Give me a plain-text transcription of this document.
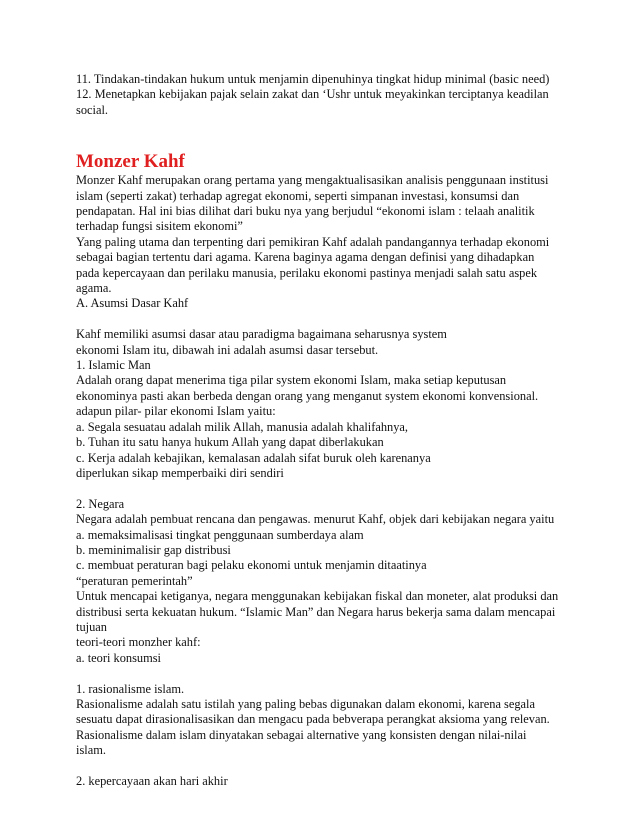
11. Tindakan-tindakan hukum untuk menjamin dipenuhinya tingkat hidup minimal (basic need)
12. Menetapkan kebijakan pajak selain zakat dan ‘Ushr untuk meyakinkan terciptanya keadilan
social.
Monzer Kahf
Monzer Kahf merupakan orang pertama yang mengaktualisasikan analisis penggunaan institusi
islam (seperti zakat) terhadap agregat ekonomi, seperti simpanan investasi, konsumsi dan
pendapatan. Hal ini bias dilihat dari buku nya yang berjudul “ekonomi islam : telaah analitik
terhadap fungsi sisitem ekonomi”
Yang paling utama dan terpenting dari pemikiran Kahf adalah pandangannya terhadap ekonomi
sebagai bagian tertentu dari agama. Karena baginya agama dengan definisi yang dihadapkan
pada kepercayaan dan perilaku manusia, perilaku ekonomi pastinya menjadi salah satu aspek
agama.
A. Asumsi Dasar Kahf
Kahf memiliki asumsi dasar atau paradigma bagaimana seharusnya system
ekonomi Islam itu, dibawah ini adalah asumsi dasar tersebut.
1. Islamic Man
Adalah orang dapat menerima tiga pilar system ekonomi Islam, maka setiap keputusan
ekonominya pasti akan berbeda dengan orang yang menganut system ekonomi konvensional.
adapun pilar- pilar ekonomi Islam yaitu:
a. Segala sesuatau adalah milik Allah, manusia adalah khalifahnya,
b. Tuhan itu satu hanya hukum Allah yang dapat diberlakukan
c. Kerja adalah kebajikan, kemalasan adalah sifat buruk oleh karenanya
diperlukan sikap memperbaiki diri sendiri
2. Negara
Negara adalah pembuat rencana dan pengawas. menurut Kahf, objek dari kebijakan negara yaitu
a. memaksimalisasi tingkat penggunaan sumberdaya alam
b. meminimalisir gap distribusi
c. membuat peraturan bagi pelaku ekonomi untuk menjamin ditaatinya
“peraturan pemerintah”
Untuk mencapai ketiganya, negara menggunakan kebijakan fiskal dan moneter, alat produksi dan
distribusi serta kekuatan hukum. “Islamic Man” dan Negara harus bekerja sama dalam mencapai
tujuan
teori-teori monzher kahf:
a. teori konsumsi
1. rasionalisme islam.
Rasionalisme adalah satu istilah yang paling bebas digunakan dalam ekonomi, karena segala
sesuatu dapat dirasionalisasikan dan mengacu pada bebverapa perangkat aksioma yang relevan.
Rasionalisme dalam islam dinyatakan sebagai alternative yang konsisten dengan nilai-nilai
islam.
2. kepercayaan akan hari akhir
